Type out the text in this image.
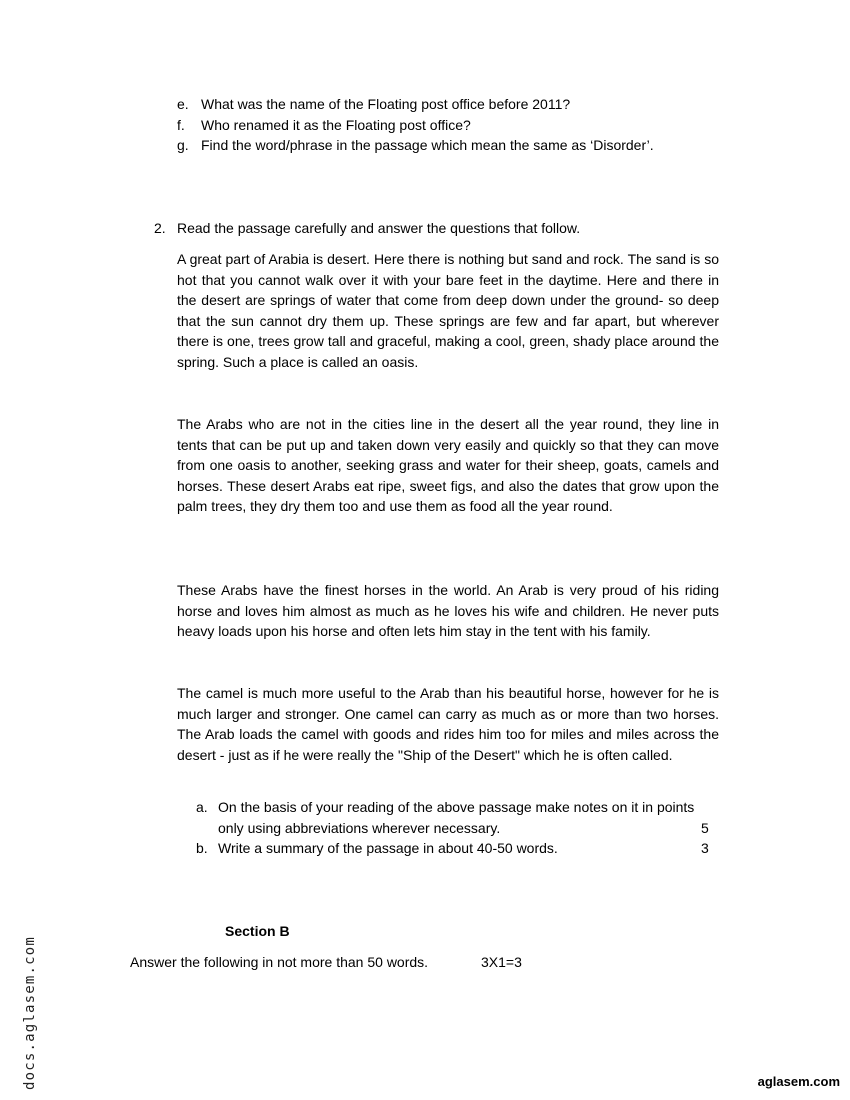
e. What was the name of the Floating post office before 2011?
f. Who renamed it as the Floating post office?
g. Find the word/phrase in the passage which mean the same as ‘Disorder’.
2. Read the passage carefully and answer the questions that follow.
A great part of Arabia is desert. Here there is nothing but sand and rock. The sand is so hot that you cannot walk over it with your bare feet in the daytime. Here and there in the desert are springs of water that come from deep down under the ground- so deep that the sun cannot dry them up. These springs are few and far apart, but wherever there is one, trees grow tall and graceful, making a cool, green, shady place around the spring. Such a place is called an oasis.
The Arabs who are not in the cities line in the desert all the year round, they line in tents that can be put up and taken down very easily and quickly so that they can move from one oasis to another, seeking grass and water for their sheep, goats, camels and horses. These desert Arabs eat ripe, sweet figs, and also the dates that grow upon the palm trees, they dry them too and use them as food all the year round.
These Arabs have the finest horses in the world. An Arab is very proud of his riding horse and loves him almost as much as he loves his wife and children. He never puts heavy loads upon his horse and often lets him stay in the tent with his family.
The camel is much more useful to the Arab than his beautiful horse, however for he is much larger and stronger. One camel can carry as much as or more than two horses. The Arab loads the camel with goods and rides him too for miles and miles across the desert - just as if he were really the "Ship of the Desert" which he is often called.
a. On the basis of your reading of the above passage make notes on it in points
only using abbreviations wherever necessary.	5
b. Write a summary of the passage in about 40-50 words.	3
Section B
Answer the following in not more than 50 words.	3X1=3
docs.aglasem.com	aglasem.com
